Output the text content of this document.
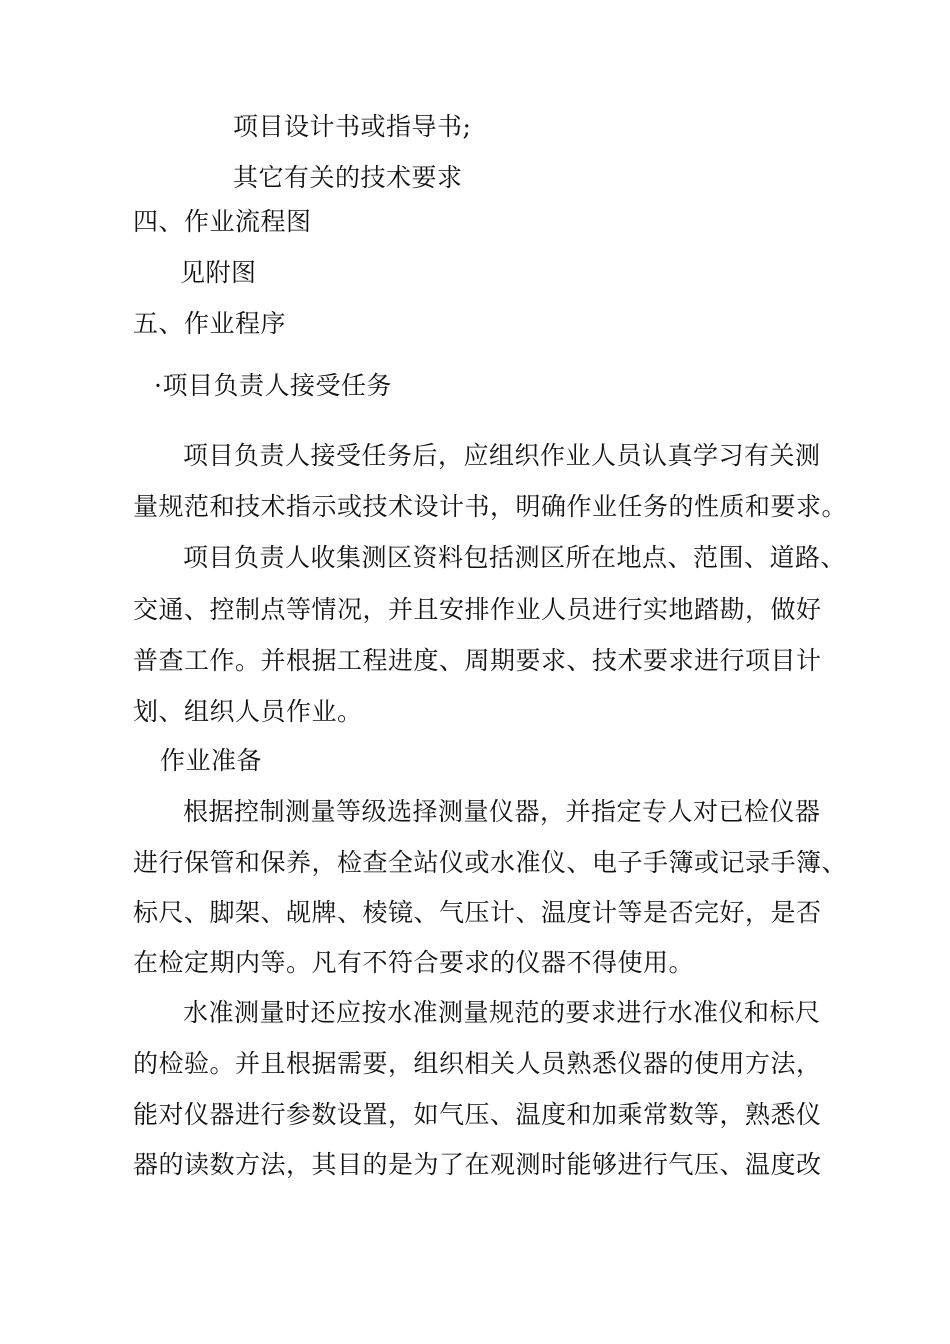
项目设计书或指导书;
其它有关的技术要求
四、作业流程图
见附图
五、作业程序
·项目负责人接受任务
项目负责人接受任务后，应组织作业人员认真学习有关测
量规范和技术指示或技术设计书，明确作业任务的性质和要求。
项目负责人收集测区资料包括测区所在地点、范围、道路、
交通、控制点等情况，并且安排作业人员进行实地踏勘，做好
普查工作。并根据工程进度、周期要求、技术要求进行项目计
划、组织人员作业。
作业准备
根据控制测量等级选择测量仪器，并指定专人对已检仪器
进行保管和保养，检查全站仪或水准仪、电子手簿或记录手簿、
标尺、脚架、觇牌、棱镜、气压计、温度计等是否完好，是否
在检定期内等。凡有不符合要求的仪器不得使用。
水准测量时还应按水准测量规范的要求进行水准仪和标尺
的检验。并且根据需要，组织相关人员熟悉仪器的使用方法，
能对仪器进行参数设置，如气压、温度和加乘常数等，熟悉仪
器的读数方法，其目的是为了在观测时能够进行气压、温度改
